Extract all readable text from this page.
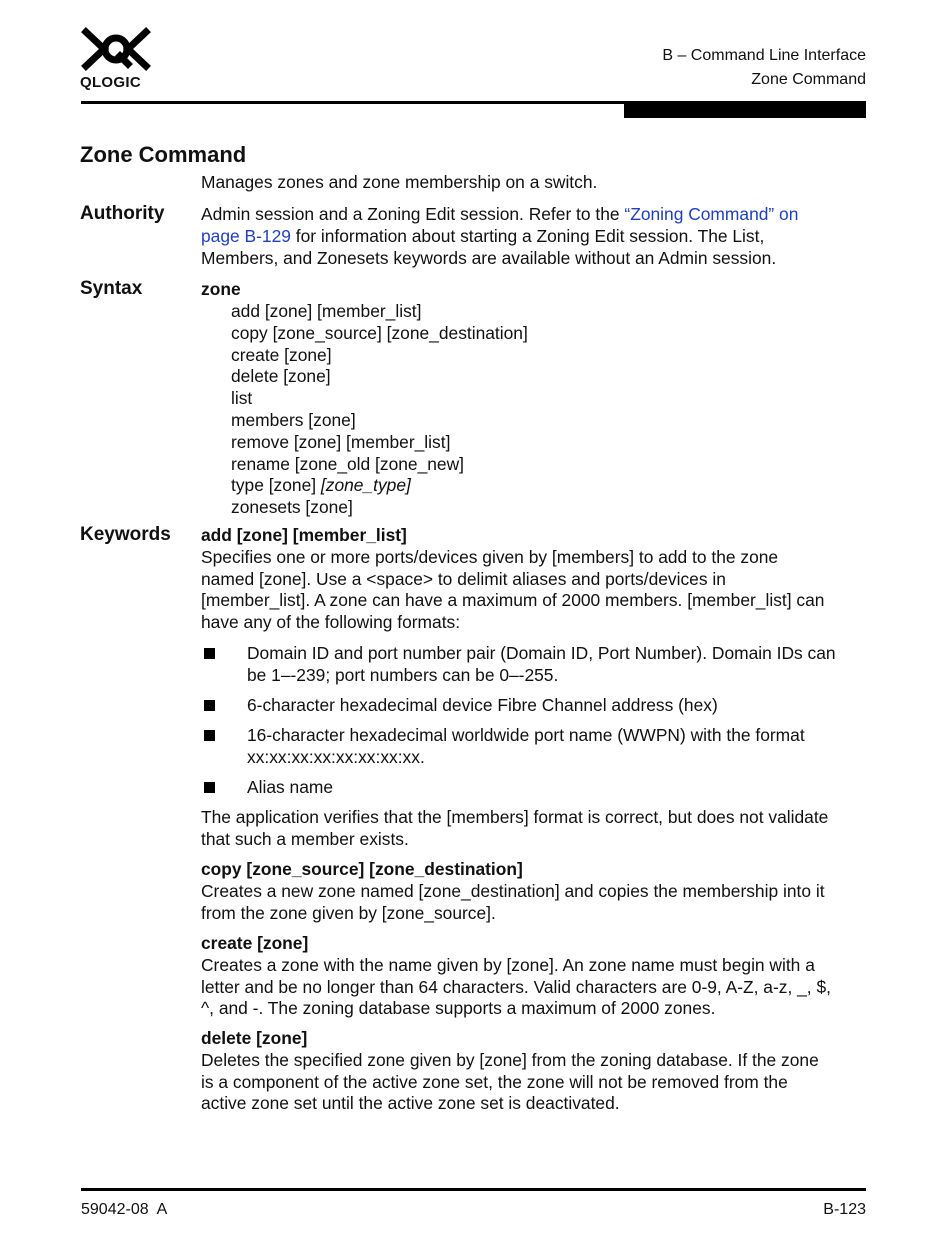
QLOGIC
B – Command Line Interface
Zone Command
Zone Command

Manages zones and zone membership on a switch.

Authority Admin session and a Zoning Edit session. Refer to the “Zoning Command” on

page B-129 for information about starting a Zoning Edit session. The List,

Members, and Zonesets keywords are available without an Admin session.

Syntax	zone
add [zone] [member_list]
copy [zone_source] [zone_destination]
create [zone]
delete [zone]
list
members [zone]
remove [zone] [member_list]
rename [zone_old [zone_new]
type [zone] [zone_type]
zonesets [zone]
Keywords add [zone] [member_list]

Specifies one or more ports/devices given by [members] to add to the zone

named [zone]. Use a <space> to delimit aliases and ports/devices in

[member_list]. A zone can have a maximum of 2000 members. [member_list] can

have any of the following formats:

Domain ID and port number pair (Domain ID, Port Number). Domain IDs can
be 1–-239; port numbers can be 0–-255.
6-character hexadecimal device Fibre Channel address (hex)
16-character hexadecimal worldwide port name (WWPN) with the format
xx:xx:xx:xx:xx:xx:xx:xx.
Alias name

The application verifies that the [members] format is correct, but does not validate

that such a member exists.

copy [zone_source] [zone_destination]

Creates a new zone named [zone_destination] and copies the membership into it

from the zone given by [zone_source].

create [zone]

Creates a zone with the name given by [zone]. An zone name must begin with a

letter and be no longer than 64 characters. Valid characters are 0-9, A-Z, a-z, _, $,

^, and -. The zoning database supports a maximum of 2000 zones.

delete [zone]

Deletes the specified zone given by [zone] from the zoning database. If the zone

is a component of the active zone set, the zone will not be removed from the

active zone set until the active zone set is deactivated.

59042-08  A	B-123
